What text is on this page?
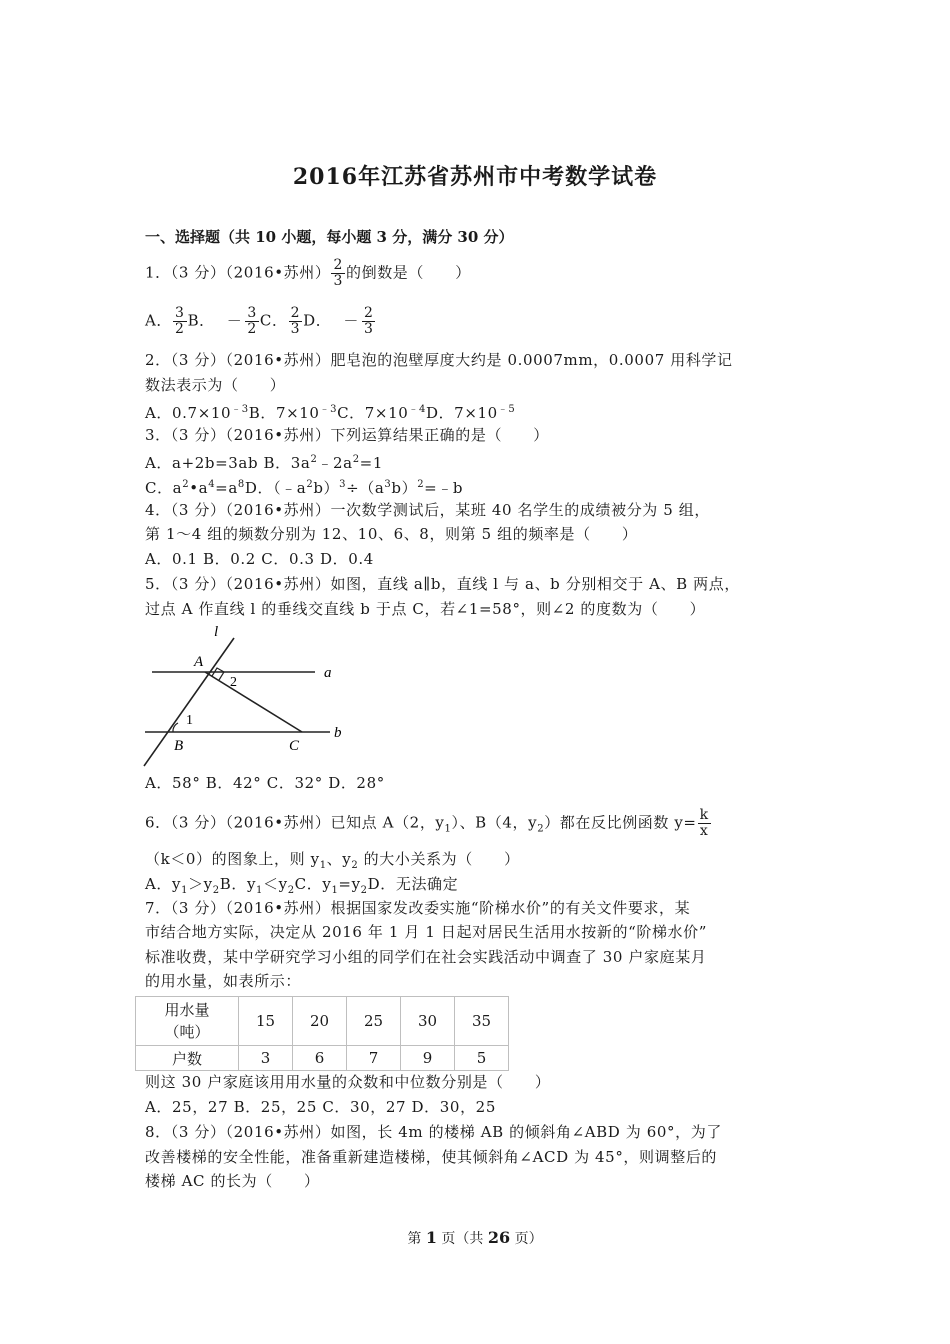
2016年江苏省苏州市中考数学试卷
一、选择题（共 10 小题，每小题 3 分，满分 30 分）
1．（3 分）（2016•苏州） $\frac{2}{3}$ 的倒数是（　　）
A． $\frac{3}{2}$ B． － $\frac{3}{2}$ C． $\frac{2}{3}$ D． － $\frac{2}{3}$
2．（3 分）（2016•苏州）肥皂泡的泡壁厚度大约是 0.0007mm，0.0007 用科学记
数法表示为（　　）
A．$0.7\times 10^{﹣3}B$．$7\times 10^{﹣3}C$．$7\times 10^{﹣4}D$．$7\times 10^{﹣5}$
3．（3 分）（2016•苏州）下列运算结果正确的是（　　）
A．a+2b=3ab B．$3a^2﹣2a^2=1$
C．$a^2•a^4=a^8D$．$(﹣a^2b)^3\div(a^3b)^2=﹣b$
4．（3 分）（2016•苏州）一次数学测试后，某班 40 名学生的成绩被分为 5 组，
第 1～4 组的频数分别为 12、10、6、8，则第 5 组的频率是（　　）
A．0.1 B．0.2 C．0.3 D．0.4
5．（3 分）（2016•苏州）如图，直线 a∥b，直线 l 与 a、b 分别相交于 A、B 两点，
过点 A 作直线 l 的垂线交直线 b 于点 C，若∠1=58°，则∠2 的度数为（　　）
l
A
a
2
1
B	C
b
A．58° B．42° C．32° D．28°
6．（3 分）（2016•苏州）已知点 A（2，$y_1$）、B（4，$y_2$）都在反比例函数 $y= \frac{k}{x}$
（k＜0）的图象上，则 $y_1$、$y_2$ 的大小关系为（　　）
A．$y_1>y_2B$．$y_1<y_2C$．$y_1=y_2D$．无法确定
7．（3 分）（2016•苏州）根据国家发改委实施“阶梯水价”的有关文件要求，某
市结合地方实际，决定从 2016 年 1 月 1 日起对居民生活用水按新的“阶梯水价”
标准收费，某中学研究学习小组的同学们在社会实践活动中调查了 30 户家庭某月
的用水量，如表所示：
用水量
（吨）	15	20	25	30	35
户数	3	6	7	9	5
则这 30 户家庭该用用水量的众数和中位数分别是（　　）
A．25，27 B．25，25 C．30，27 D．30，25
8．（3 分）（2016•苏州）如图，长 4m 的楼梯 AB 的倾斜角∠ABD 为 60°，为了
改善楼梯的安全性能，准备重新建造楼梯，使其倾斜角∠ACD 为 45°，则调整后的
楼梯 AC 的长为（　　）
第 1 页（共 26 页）
